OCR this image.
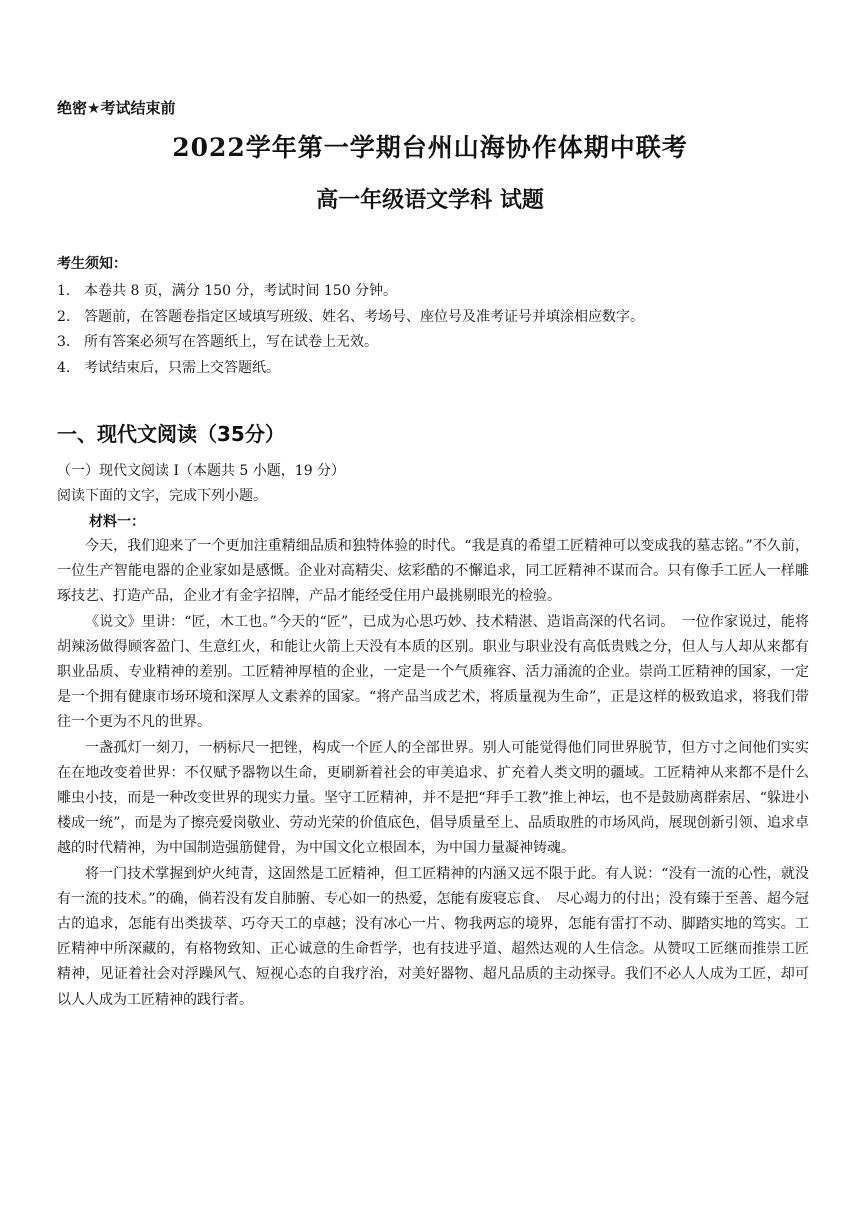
绝密★考试结束前
2022学年第一学期台州山海协作体期中联考
高一年级语文学科 试题
考生须知：
1. 本卷共 8 页，满分 150 分，考试时间 150 分钟。
2. 答题前，在答题卷指定区域填写班级、姓名、考场号、座位号及准考证号并填涂相应数字。
3. 所有答案必须写在答题纸上，写在试卷上无效。
4. 考试结束后，只需上交答题纸。
一、现代文阅读（35分）
（一）现代文阅读 I（本题共 5 小题，19 分）
阅读下面的文字，完成下列小题。
材料一：

今天，我们迎来了一个更加注重精细品质和独特体验的时代。“我是真的希望工匠精神可以变成我的墓志铭。”不久前，一位生产智能电器的企业家如是感慨。企业对高精尖、炫彩酷的不懈追求，同工匠精神不谋而合。只有像手工匠人一样雕琢技艺、打造产品，企业才有金字招牌，产品才能经受住用户最挑剔眼光的检验。

《说文》里讲：“匠，木工也。”今天的“匠”，已成为心思巧妙、技术精湛、造诣高深的代名词。　一位作家说过，能将胡辣汤做得顾客盈门、生意红火，和能让火箭上天没有本质的区别。职业与职业没有高低贵贱之分，但人与人却从来都有职业品质、专业精神的差别。工匠精神厚植的企业，一定是一个气质雍容、活力涌流的企业。崇尚工匠精神的国家，一定是一个拥有健康市场环境和深厚人文素养的国家。“将产品当成艺术，将质量视为生命”，正是这样的极致追求，将我们带往一个更为不凡的世界。

一盏孤灯一刻刀，一柄标尺一把锉，构成一个匠人的全部世界。别人可能觉得他们同世界脱节，但方寸之间他们实实在在地改变着世界：不仅赋予器物以生命，更刷新着社会的审美追求、扩充着人类文明的疆域。工匠精神从来都不是什么雕虫小技，而是一种改变世界的现实力量。坚守工匠精神，并不是把“拜手工教”推上神坛，也不是鼓励离群索居、“躲进小楼成一统”，而是为了擦亮爱岗敬业、劳动光荣的价值底色，倡导质量至上、品质取胜的市场风尚，展现创新引领、追求卓越的时代精神，为中国制造强筋健骨，为中国文化立根固本，为中国力量凝神铸魂。

将一门技术掌握到炉火纯青，这固然是工匠精神，但工匠精神的内涵又远不限于此。有人说：“没有一流的心性，就没有一流的技术。”的确，倘若没有发自肺腑、专心如一的热爱，怎能有废寝忘食、　尽心竭力的付出；没有臻于至善、超今冠古的追求，怎能有出类拔萃、巧夺天工的卓越；没有冰心一片、物我两忘的境界，怎能有雷打不动、脚踏实地的笃实。工匠精神中所深藏的，有格物致知、正心诚意的生命哲学，也有技进乎道、超然达观的人生信念。从赞叹工匠继而推崇工匠精神，见证着社会对浮躁风气、短视心态的自我疗治，对美好器物、超凡品质的主动探寻。我们不必人人成为工匠，却可以人人成为工匠精神的践行者。
